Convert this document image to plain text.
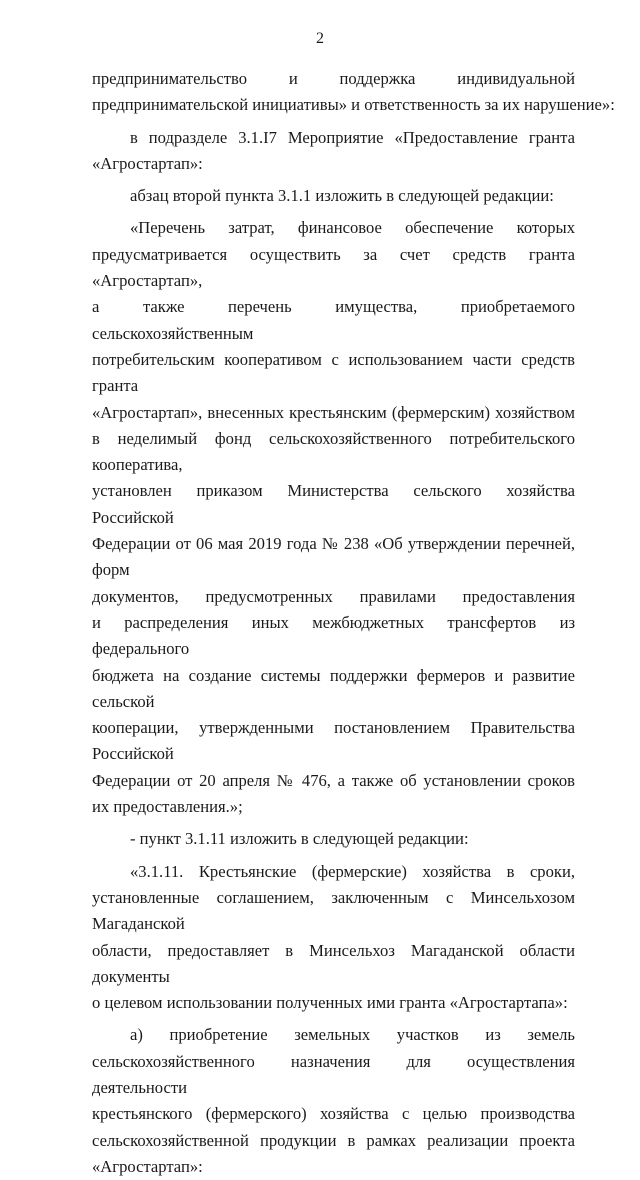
2
предпринимательство и поддержка индивидуальной
предпринимательской инициативы» и ответственность за их нарушение»:
в подразделе 3.1.I7 Мероприятие «Предоставление гранта
«Агростартап»:
абзац второй пункта 3.1.1 изложить в следующей редакции:
«Перечень затрат, финансовое обеспечение которых
предусматривается осуществить за счет средств гранта «Агростартап»,
а также перечень имущества, приобретаемого сельскохозяйственным
потребительским кооперативом с использованием части средств гранта
«Агростартап», внесенных крестьянским (фермерским) хозяйством
в неделимый фонд сельскохозяйственного потребительского кооператива,
установлен приказом Министерства сельского хозяйства Российской
Федерации от 06 мая 2019 года № 238 «Об утверждении перечней, форм
документов, предусмотренных правилами предоставления
и распределения иных межбюджетных трансфертов из федерального
бюджета на создание системы поддержки фермеров и развитие сельской
кооперации, утвержденными постановлением Правительства Российской
Федерации от 20 апреля № 476, а также об установлении сроков
их предоставления.»;
- пункт 3.1.11 изложить в следующей редакции:
«3.1.11. Крестьянские (фермерские) хозяйства в сроки,
установленные соглашением, заключенным с Минсельхозом Магаданской
области, предоставляет в Минсельхоз Магаданской области документы
о целевом использовании полученных ими гранта «Агростартапа»:
а) приобретение земельных участков из земель
сельскохозяйственного назначения для осуществления деятельности
крестьянского (фермерского) хозяйства с целью производства
сельскохозяйственной продукции в рамках реализации проекта
«Агростартап»:
